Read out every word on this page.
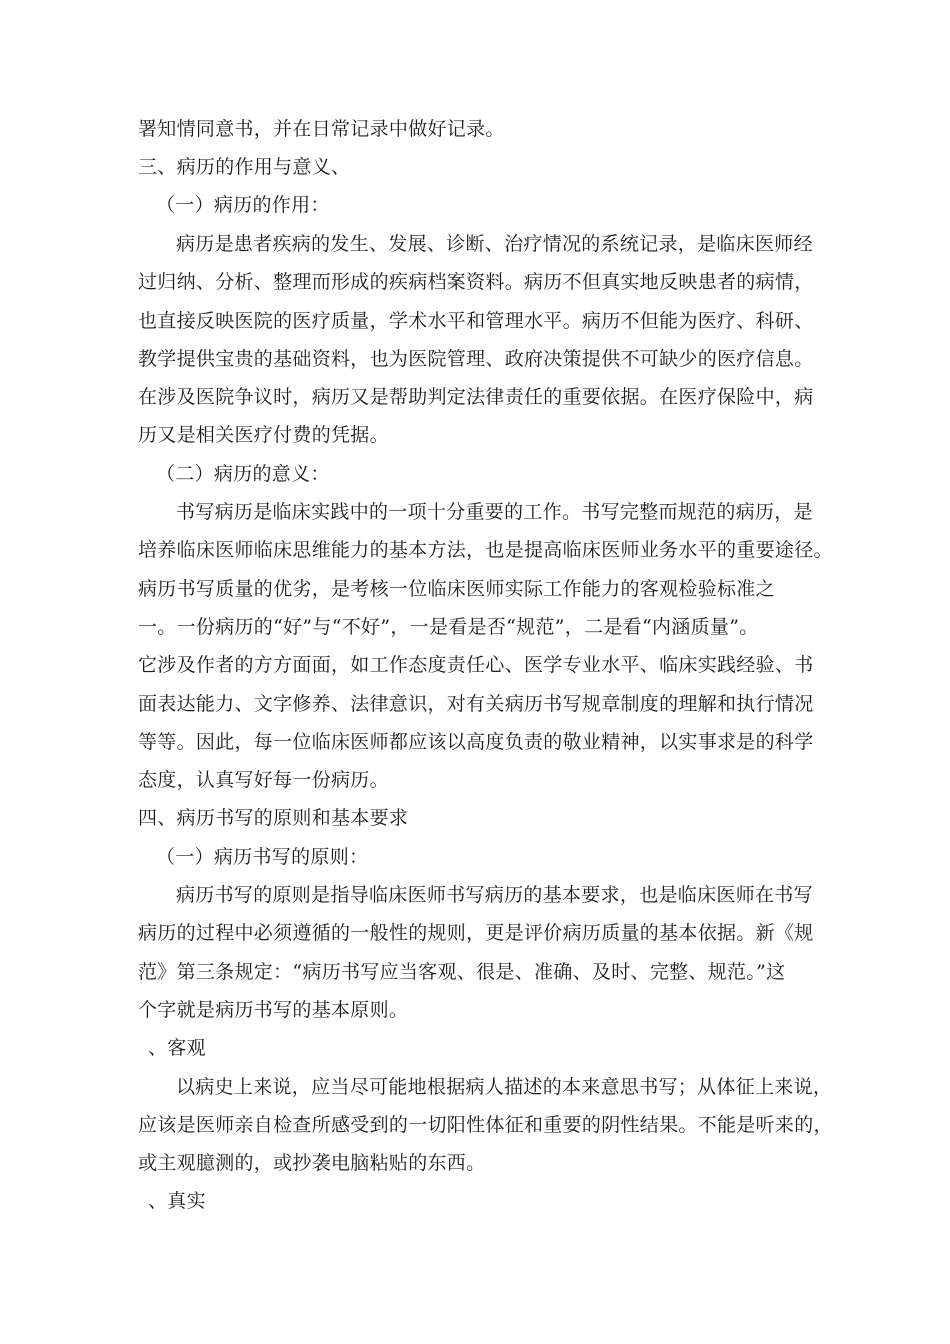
署知情同意书，并在日常记录中做好记录。
三、病历的作用与意义、
（一）病历的作用：
病历是患者疾病的发生、发展、诊断、治疗情况的系统记录，是临床医师经
过归纳、分析、整理而形成的疾病档案资料。病历不但真实地反映患者的病情，
也直接反映医院的医疗质量，学术水平和管理水平。病历不但能为医疗、科研、
教学提供宝贵的基础资料，也为医院管理、政府决策提供不可缺少的医疗信息。
在涉及医院争议时，病历又是帮助判定法律责任的重要依据。在医疗保险中，病
历又是相关医疗付费的凭据。
（二）病历的意义：
书写病历是临床实践中的一项十分重要的工作。书写完整而规范的病历，是
培养临床医师临床思维能力的基本方法，也是提高临床医师业务水平的重要途径。
病历书写质量的优劣，是考核一位临床医师实际工作能力的客观检验标准之
一。一份病历的“好”与“不好”，一是看是否“规范”，二是看“内涵质量”。
它涉及作者的方方面面，如工作态度责任心、医学专业水平、临床实践经验、书
面表达能力、文字修养、法律意识，对有关病历书写规章制度的理解和执行情况
等等。因此，每一位临床医师都应该以高度负责的敬业精神，以实事求是的科学
态度，认真写好每一份病历。
四、病历书写的原则和基本要求
（一）病历书写的原则：
病历书写的原则是指导临床医师书写病历的基本要求，也是临床医师在书写
病历的过程中必须遵循的一般性的规则，更是评价病历质量的基本依据。新《规
范》第三条规定：“病历书写应当客观、很是、准确、及时、完整、规范。”这
个字就是病历书写的基本原则。
、客观
以病史上来说，应当尽可能地根据病人描述的本来意思书写；从体征上来说，
应该是医师亲自检查所感受到的一切阳性体征和重要的阴性结果。不能是听来的，
或主观臆测的，或抄袭电脑粘贴的东西。
、真实
